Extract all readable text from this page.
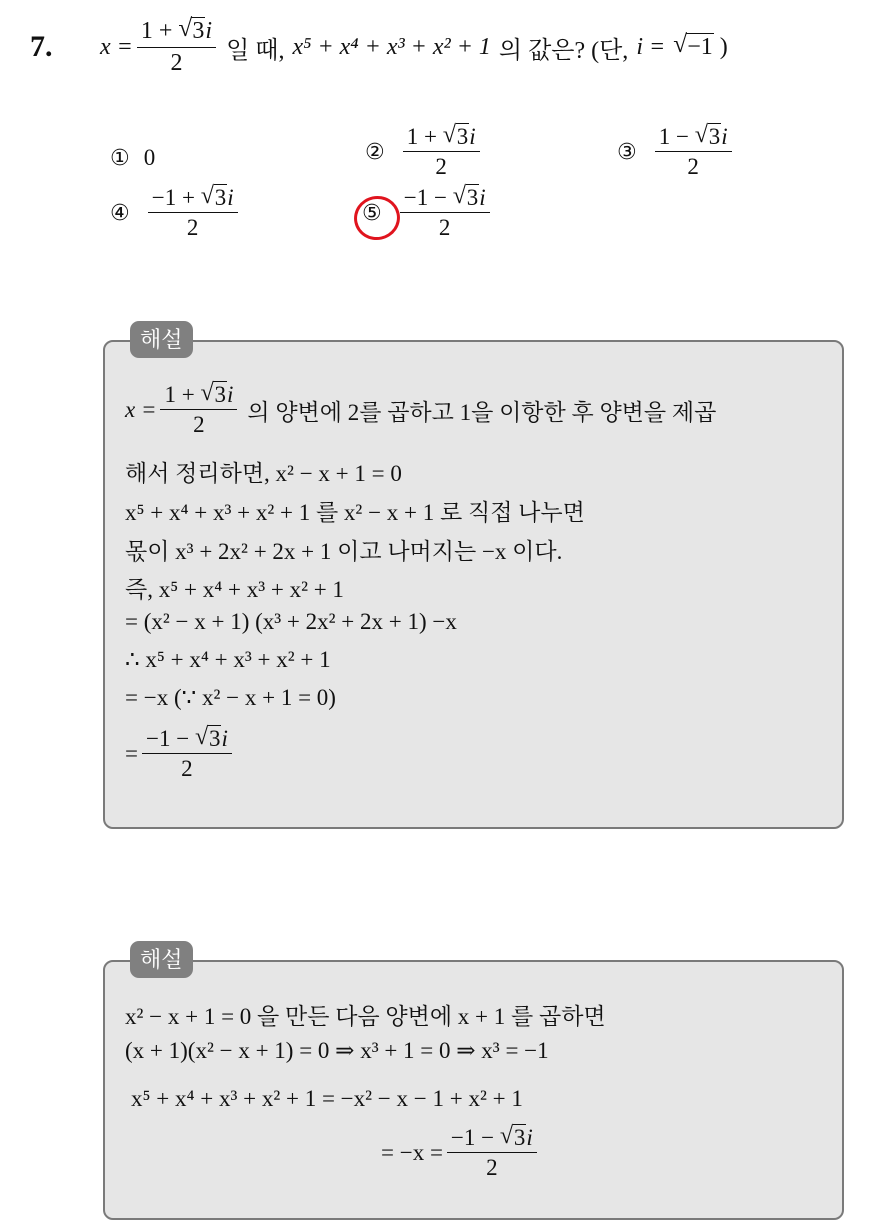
7. $x = \frac{1 + √ 3i}{2}$ 일 때, x⁵ + x⁴ + x³ + x² + 1 의 값은? (단, i = √ −1 )
① 0	② $\frac{1 + √ 3i}{2}$	③ $\frac{1 - √ 3i}{2}$
④ $\frac{-1 + √ 3i}{2}$	⑤ $\frac{-1 - √ 3i}{2}$
$x = \frac{1 + √ 3i}{2}$ 의 양변에 2를 곱하고 1을 이항한 후 양변을 제곱
해서 정리하면, x² − x + 1 = 0
x⁵ + x⁴ + x³ + x² + 1 를 x² − x + 1 로 직접 나누면
몫이 x³ + 2x² + 2x + 1 이고 나머지는 −x 이다.
즉, x⁵ + x⁴ + x³ + x² + 1
= (x² − x + 1) (x³ + 2x² + 2x + 1) −x
∴ x⁵ + x⁴ + x³ + x² + 1
= −x (∵ x² − x + 1 = 0)
= $\frac{-1 - √ 3i}{2}$
해설
x² − x + 1 = 0 을 만든 다음 양변에 x + 1 를 곱하면
(x + 1)(x² − x + 1) = 0 ⇒ x³ + 1 = 0 ⇒ x³ = −1
x⁵ + x⁴ + x³ + x² + 1 = −x² − x − 1 + x² + 1
= $-x = \frac{-1 - √ 3i}{2}$
해설
